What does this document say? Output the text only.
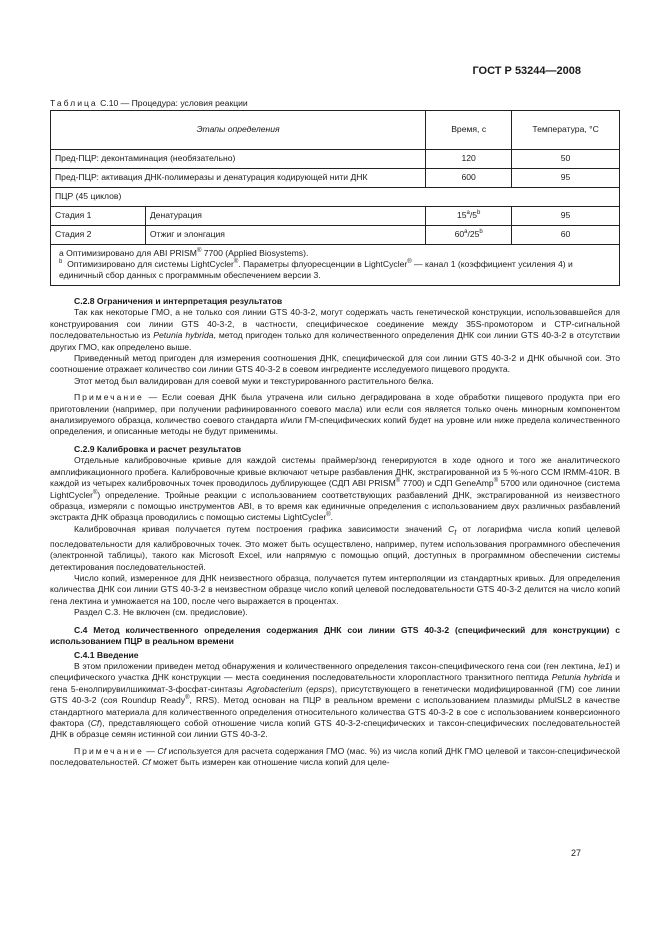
ГОСТ Р 53244—2008
Таблица С.10 — Процедура: условия реакции
Этапы определения		Время, с	Температура, °С
Пред-ПЦР: деконтаминация (необязательно)		120	50
Пред-ПЦР: активация ДНК-полимеразы и денатурация кодирующей нити ДНК		600	95
ПЦР (45 циклов)			
Стадия 1	Денатурация	15$^a$/5$^b$	95
Стадия 2	Отжиг и элонгация	60$^a$/25$^b$	60

a Оптимизировано для ABI PRISM® 7700 (Applied Biosystems).
$^b$ Оптимизировано для системы LightCycler®. Параметры флуоресценции в LightCycler® — канал 1 (коэффициент усиления 4) и единичный сбор данных с программным обеспечением версии 3.			

С.2.8 Ограничения и интерпретация результатов

Так как некоторые ГМО, а не только соя линии GTS 40-3-2, могут содержать часть генетической конструкции, использовавшейся для конструирования сои линии GTS 40-3-2, в частности, специфическое соединение между 35S-промотором и CTP-сигнальной последовательностью из Petunia hybrida, метод пригоден только для количественного определения ДНК сои линии GTS 40-3-2 в отсутствии других ГМО, как определено выше.

Приведенный метод пригоден для измерения соотношения ДНК, специфической для сои линии GTS 40-3-2 и ДНК обычной сои. Это соотношение отражает количество сои линии GTS 40-3-2 в соевом ингредиенте исследуемого пищевого продукта.

Этот метод был валидирован для соевой муки и текстурированного растительного белка.

Примечание — Если соевая ДНК была утрачена или сильно деградирована в ходе обработки пищевого продукта при его приготовлении (например, при получении рафинированного соевого масла) или если соя является только очень минорным компонентом анализируемого образца, количество соевого стандарта и/или ГМ-специфических копий будет на уровне или ниже предела количественного определения, и описанные методы не будут применимы.

С.2.9 Калибровка и расчет результатов

Отдельные калибровочные кривые для каждой системы праймер/зонд генерируются в ходе одного и того же аналитического амплификационного пробега. Калибровочные кривые включают четыре разбавления ДНК, экстрагированной из 5 %-ного CCM IRMM-410R. В каждой из четырех калибровочных точек проводилось дублирующее (СДП ABI PRISM® 7700) и СДП GeneAmp® 5700 или одиночное (система LightCycler®) определение. Тройные реакции с использованием соответствующих разбавлений ДНК, экстрагированной из неизвестного образца, измеряли с помощью инструментов ABI, в то время как единичные определения с использованием двух различных разбавлений экстракта ДНК образца проводились с помощью системы LightCycler®.

Калибровочная кривая получается путем построения графика зависимости значений $C_t$ от логарифма числа копий целевой последовательности для калибровочных точек. Это может быть осуществлено, например, путем использования программного обеспечения (электронной таблицы), такого как Microsoft Excel, или напрямую с помощью опций, доступных в программном обеспечении системы детектирования последовательностей.

Число копий, измеренное для ДНК неизвестного образца, получается путем интерполяции из стандартных кривых. Для определения количества ДНК сои линии GTS 40-3-2 в неизвестном образце число копий целевой последовательности GTS 40-3-2 делится на число копий гена лектина и умножается на 100, после чего выражается в процентах.

Раздел С.3. Не включен (см. предисловие).

С.4 Метод количественного определения содержания ДНК сои линии GTS 40-3-2 (специфический для конструкции) с использованием ПЦР в реальном времени

С.4.1 Введение

В этом приложении приведен метод обнаружения и количественного определения таксон-специфического гена сои (ген лектина, le1) и специфического участка ДНК конструкции — места соединения последовательности хлоропластного транзитного пептида Petunia hybrida и гена 5-енолпирувилшикимат-3-фосфат-синтазы Agrobacterium (epsps), присутствующего в генетически модифицированной (ГМ) сое линии GTS 40-3-2 (соя Roundup Ready®, RRS). Метод основан на ПЦР в реальном времени с использованием плазмиды pMulSL2 в качестве стандартного материала для количественного определения относительного количества GTS 40-3-2 в сое с использованием конверсионного фактора (Cf), представляющего собой отношение числа копий GTS 40-3-2-специфических и таксон-специфических последовательностей ДНК в образце семян истинной сои линии GTS 40-3-2.

Примечание — Cf используется для расчета содержания ГМО (мас. %) из числа копий ДНК ГМО целевой и таксон-специфической последовательностей. Cf может быть измерен как отношение числа копий для целе-

27
